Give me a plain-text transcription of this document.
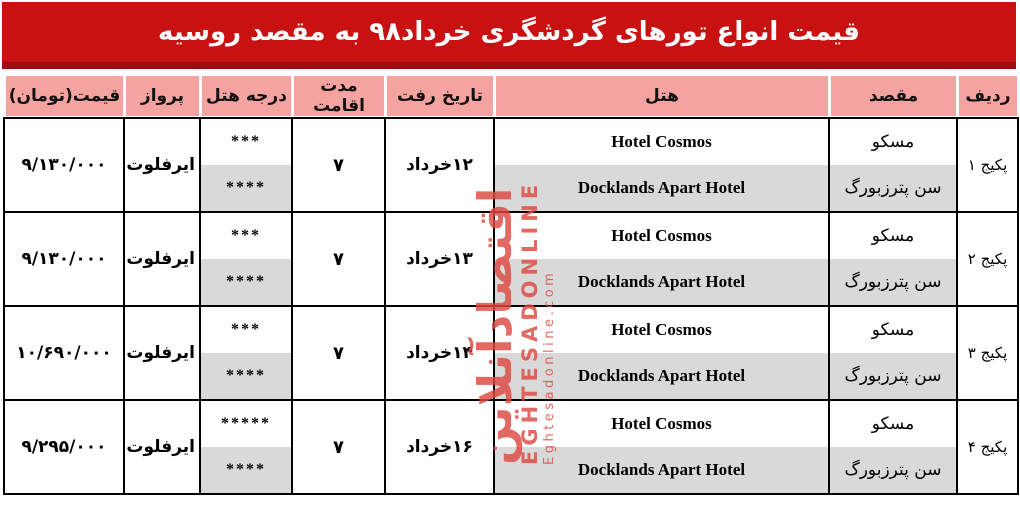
قیمت انواع تورهای گردشگری خرداد۹۸ به مقصد روسیه
ردیف	مقصد	هتل	تاریخ رفت	مدت اقامت	درجه هتل	پرواز	قیمت(تومان)
پکیج ۱	مسکو	Hotel Cosmos	۱۲خرداد	۷	***	ایرفلوت	۹/۱۳۰/۰۰۰
	سن پترزبورگ	Docklands Apart Hotel			****		
پکیج ۲	مسکو	Hotel Cosmos	۱۳خرداد	۷	***	ایرفلوت	۹/۱۳۰/۰۰۰
	سن پترزبورگ	Docklands Apart Hotel			****		
پکیج ۳	مسکو	Hotel Cosmos	۱۴خرداد	۷	***	ایرفلوت	۱۰/۶۹۰/۰۰۰
	سن پترزبورگ	Docklands Apart Hotel			****		
پکیج ۴	مسکو	Hotel Cosmos	۱۶خرداد	۷	*****	ایرفلوت	۹/۲۹۵/۰۰۰
	سن پترزبورگ	Docklands Apart Hotel			****		
اقتصادآنلاین
EGHTESADONLINE Eghtesadonline.com
